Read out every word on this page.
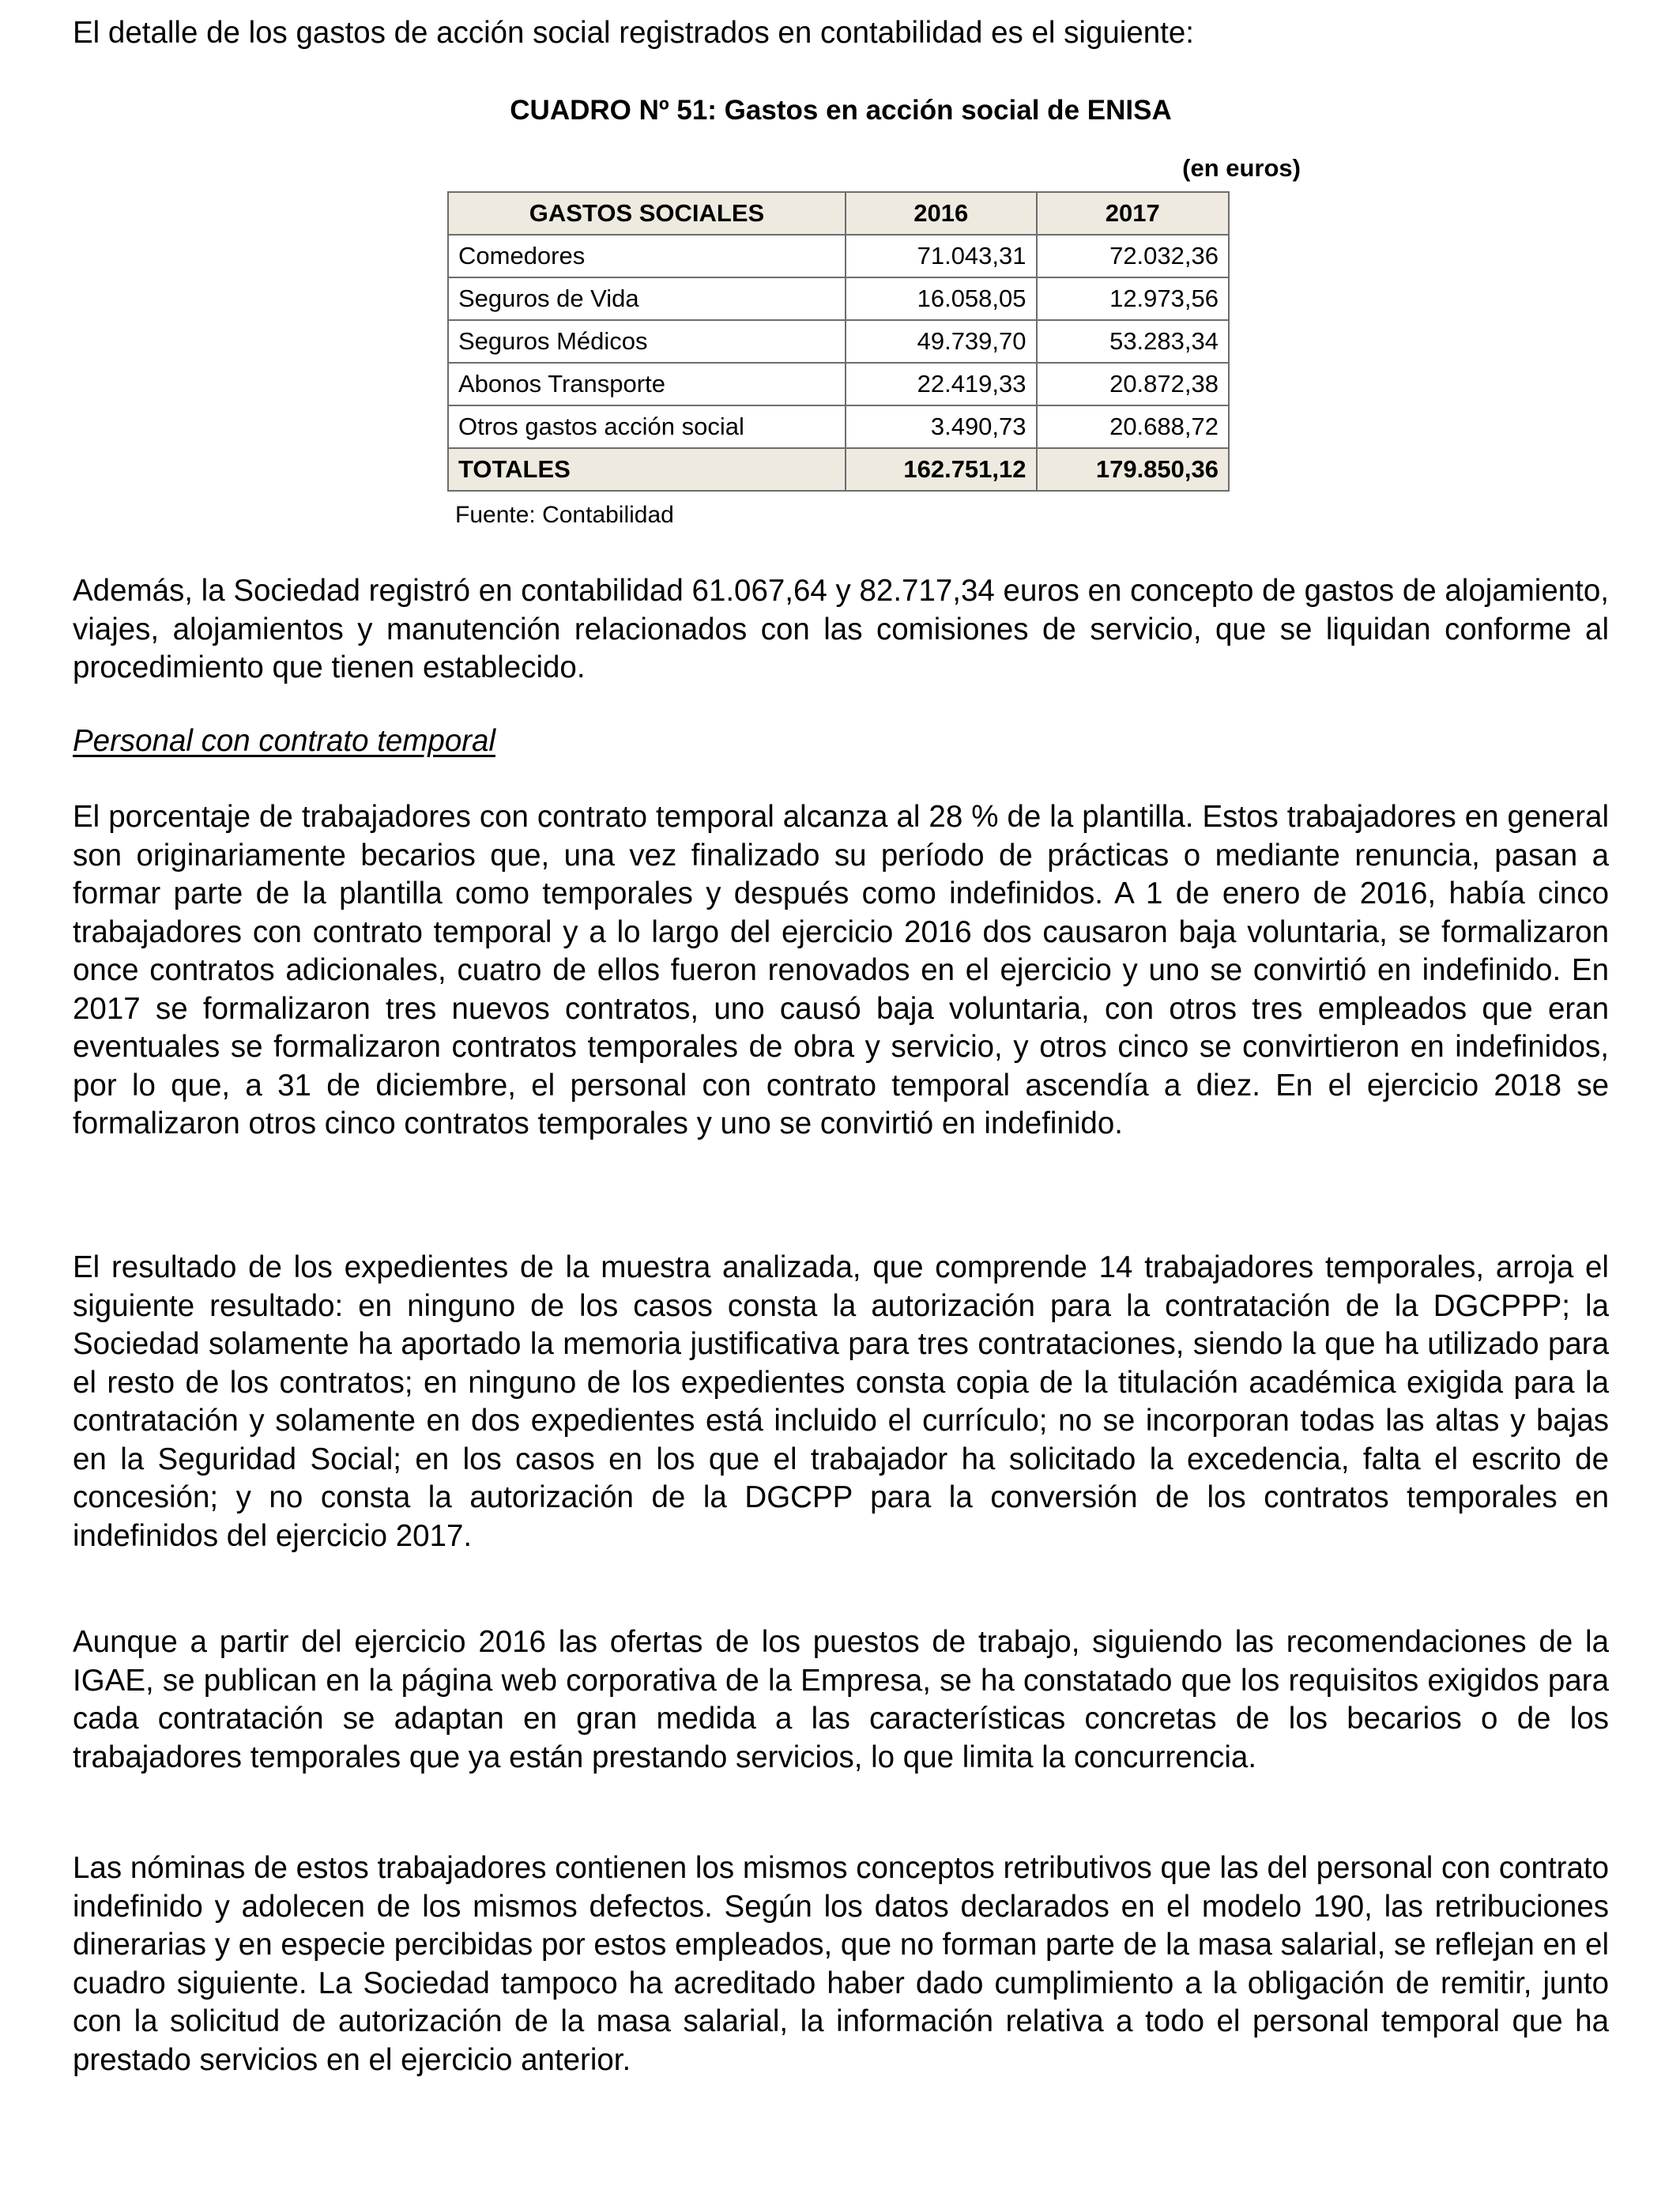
El detalle de los gastos de acción social registrados en contabilidad es el siguiente:

CUADRO Nº 51: Gastos en acción social de ENISA
(en euros)
GASTOS SOCIALES	2016	2017
Comedores	71.043,31	72.032,36
Seguros de Vida	16.058,05	12.973,56
Seguros Médicos	49.739,70	53.283,34
Abonos Transporte	22.419,33	20.872,38
Otros gastos acción social	3.490,73	20.688,72
TOTALES	162.751,12	179.850,36
Fuente: Contabilidad

Además, la Sociedad registró en contabilidad 61.067,64 y 82.717,34 euros en concepto de gastos de alojamiento, viajes, alojamientos y manutención relacionados con las comisiones de servicio, que se liquidan conforme al procedimiento que tienen establecido.

Personal con contrato temporal

El porcentaje de trabajadores con contrato temporal alcanza al 28 % de la plantilla. Estos trabajadores en general son originariamente becarios que, una vez finalizado su período de prácticas o mediante renuncia, pasan a formar parte de la plantilla como temporales y después como indefinidos. A 1 de enero de 2016, había cinco trabajadores con contrato temporal y a lo largo del ejercicio 2016 dos causaron baja voluntaria, se formalizaron once contratos adicionales, cuatro de ellos fueron renovados en el ejercicio y uno se convirtió en indefinido. En 2017 se formalizaron tres nuevos contratos, uno causó baja voluntaria, con otros tres empleados que eran eventuales se formalizaron contratos temporales de obra y servicio, y otros cinco se convirtieron en indefinidos, por lo que, a 31 de diciembre, el personal con contrato temporal ascendía a diez. En el ejercicio 2018 se formalizaron otros cinco contratos temporales y uno se convirtió en indefinido.

El resultado de los expedientes de la muestra analizada, que comprende 14 trabajadores temporales, arroja el siguiente resultado: en ninguno de los casos consta la autorización para la contratación de la DGCPPP; la Sociedad solamente ha aportado la memoria justificativa para tres contrataciones, siendo la que ha utilizado para el resto de los contratos; en ninguno de los expedientes consta copia de la titulación académica exigida para la contratación y solamente en dos expedientes está incluido el currículo; no se incorporan todas las altas y bajas en la Seguridad Social; en los casos en los que el trabajador ha solicitado la excedencia, falta el escrito de concesión; y no consta la autorización de la DGCPP para la conversión de los contratos temporales en indefinidos del ejercicio 2017.

Aunque a partir del ejercicio 2016 las ofertas de los puestos de trabajo, siguiendo las recomendaciones de la IGAE, se publican en la página web corporativa de la Empresa, se ha constatado que los requisitos exigidos para cada contratación se adaptan en gran medida a las características concretas de los becarios o de los trabajadores temporales que ya están prestando servicios, lo que limita la concurrencia.

Las nóminas de estos trabajadores contienen los mismos conceptos retributivos que las del personal con contrato indefinido y adolecen de los mismos defectos. Según los datos declarados en el modelo 190, las retribuciones dinerarias y en especie percibidas por estos empleados, que no forman parte de la masa salarial, se reflejan en el cuadro siguiente. La Sociedad tampoco ha acreditado haber dado cumplimiento a la obligación de remitir, junto con la solicitud de autorización de la masa salarial, la información relativa a todo el personal temporal que ha prestado servicios en el ejercicio anterior.
